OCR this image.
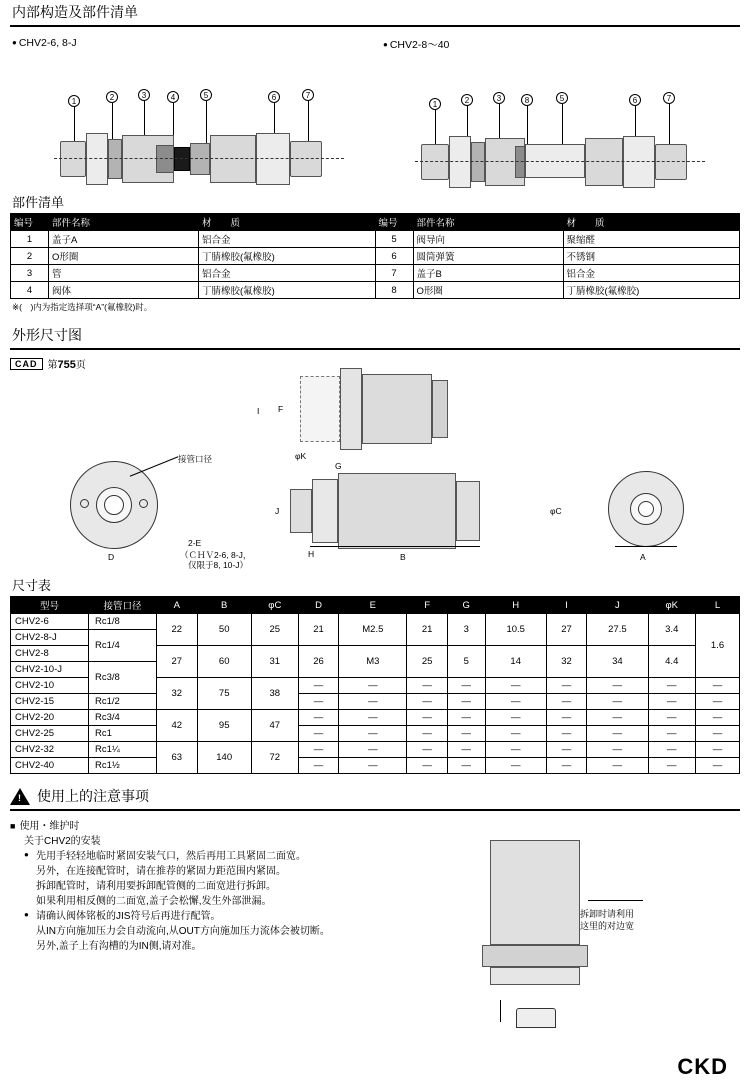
内部构造及部件清单
● CHV2-6, 8-J
1	2	3	4	5	6	7
● CHV2-8～40
1	2	3	8	5	6	7
部件清单
编号	部件名称	材　　质	编号	部件名称	材　　质
1	盖子A	铝合金	5	阀导向	聚缩醛
2	O形圈	丁腈橡胶(氟橡胶)	6	圆筒弹簧	不锈钢
3	管	铝合金	7	盖子B	铝合金
4	阀体	丁腈橡胶(氟橡胶)	8	O形圈	丁腈橡胶(氟橡胶)
※(　)内为指定选择项“A”(氟橡胶)时。
外形尺寸图
CAD	第755页
I F
φK
G
接管口径
D
2-E
（ＣＨＶ2-6, 8-J，
仅限于8, 10-J）
J
H	B
φC
A
尺寸表
型号	接管口径	A	B	φC	D	E	F	G	H	I	J	φK	L
CHV2-6	Rc1/8	22	50	25	21	M2.5	21	3	10.5	27	27.5	3.4	1.6
CHV2-8-J	Rc1/4												
CHV2-8		27	60	31	26	M3	25	5	14	32	34	4.4	
CHV2-10-J	Rc3/8												
CHV2-10		32	75	38	—	—	—	—	—	—	—	—	—
CHV2-15	Rc1/2				—	—	—	—	—	—	—	—	—
CHV2-20	Rc3/4	42	95	47	—	—	—	—	—	—	—	—	—
CHV2-25	Rc1				—	—	—	—	—	—	—	—	—
CHV2-32	Rc1¼	63	140	72	—	—	—	—	—	—	—	—	—
CHV2-40	Rc1½				—	—	—	—	—	—	—	—	—
!
使用上的注意事项
■ 使用・维护时
关于CHV2的安装
● 先用手轻轻地临时紧固安装气口，然后再用工具紧固二面宽。
另外，在连接配管时，请在推荐的紧固力距范围内紧固。
拆卸配管时，请利用要拆卸配管侧的二面宽进行拆卸。
如果利用相反侧的二面宽,盖子会松懈,发生外部泄漏。
● 请确认阀体铭板的JIS符号后再进行配管。
从IN方向施加压力会自动流向,从OUT方向施加压力流体会被切断。
另外,盖子上有沟槽的为IN侧,请对准。
拆卸时请利用
这里的对边宽
CKD
